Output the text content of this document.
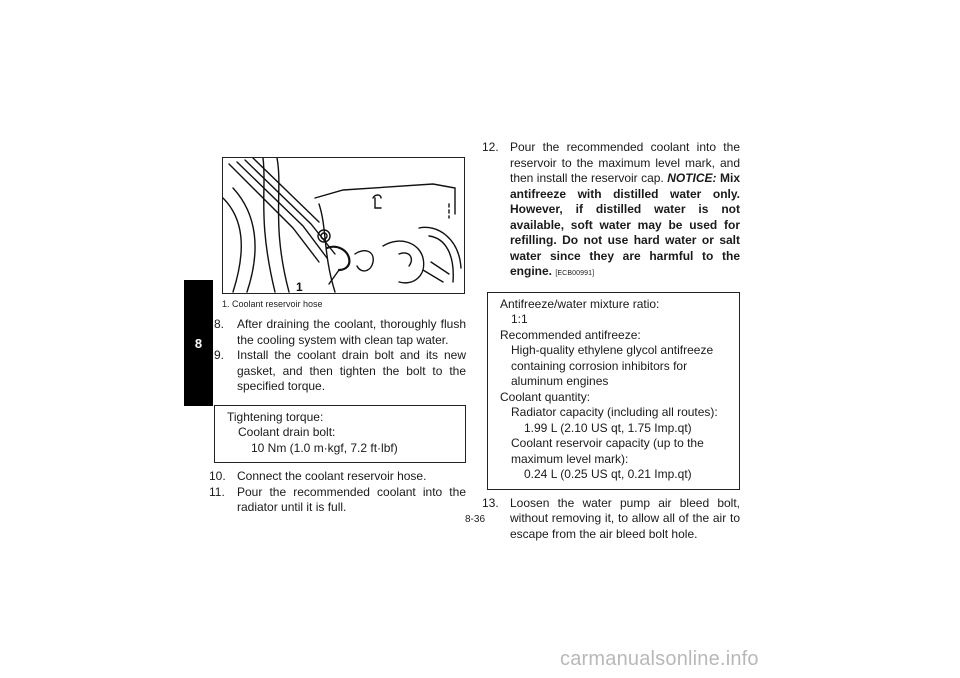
8
1
1. Coolant reservoir hose

8. After draining the coolant, thoroughly flush the cooling system with clean tap water.

9. Install the coolant drain bolt and its new gasket, and then tighten the bolt to the specified torque.

Tightening torque:
Coolant drain bolt:
10 Nm (1.0 m·kgf, 7.2 ft·lbf)

10. Connect the coolant reservoir hose.

11. Pour the recommended coolant into the radiator until it is full.

12. Pour the recommended coolant into the reservoir to the maximum level mark, and then install the reservoir cap. NOTICE: Mix antifreeze with distilled water only. However, if distilled water is not available, soft water may be used for refilling. Do not use hard water or salt water since they are harmful to the engine. [ECB00991]

Antifreeze/water mixture ratio:
1:1
Recommended antifreeze:
High-quality ethylene glycol antifreeze containing corrosion inhibitors for aluminum engines
Coolant quantity:
Radiator capacity (including all routes):
1.99 L (2.10 US qt, 1.75 Imp.qt)
Coolant reservoir capacity (up to the maximum level mark):
0.24 L (0.25 US qt, 0.21 Imp.qt)

13. Loosen the water pump air bleed bolt, without removing it, to allow all of the air to escape from the air bleed bolt hole.

8-36
carmanualsonline.info
